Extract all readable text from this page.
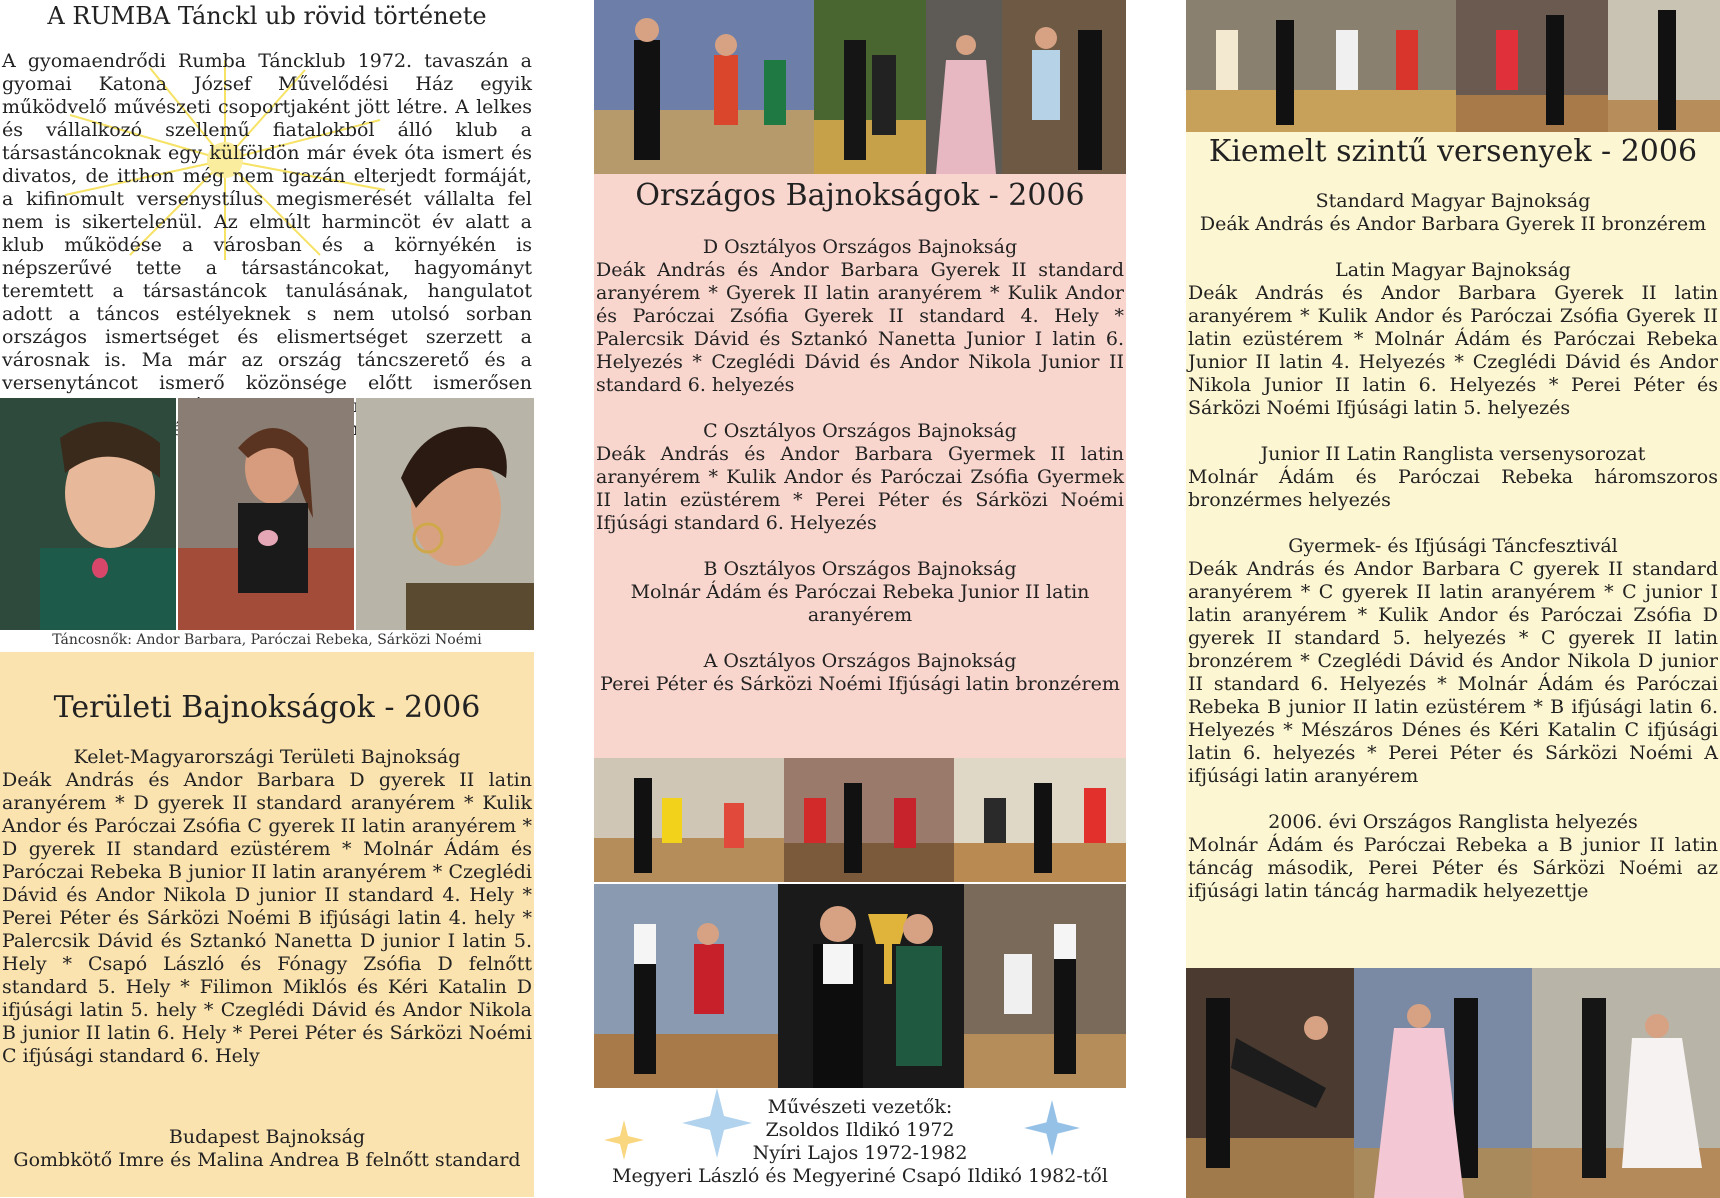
A RUMBA Tánckl ub rövid története

A gyomaendrődi Rumba Táncklub 1972. tavaszán a gyomai Katona József Művelődési Ház egyik működvelő művészeti csoportjaként jött létre. A lelkes és vállalkozó szellemű fiatalokból álló klub a társastáncoknak egy külföldön már évek óta ismert és divatos, de itthon még nem igazán elterjedt formáját, a kifinomult versenystílus megismerését vállalta fel nem is sikertelenül. Az elmúlt harmincöt év alatt a klub működése a városban és a környékén is népszerűvé tette a társastáncokat, hagyományt teremtett a társastáncok tanulásának, hangulatot adott a táncos estélyeknek s nem utolsó sorban országos ismertséget és elismertséget szerzett a városnak is. Ma már az ország táncszerető és a versenytáncot ismerő közönsége előtt ismerősen elért

Táncosnők: Andor Barbara, Paróczai Rebeka, Sárközi Noémi
Területi Bajnokságok - 2006

Kelet-Magyarországi Területi Bajnokság

Deák András és Andor Barbara D gyerek II latin aranyérem * D gyerek II standard aranyérem * Kulik Andor és Paróczai Zsófia C gyerek II latin aranyérem * D gyerek II standard ezüstérem * Molnár Ádám és Paróczai Rebeka B junior II latin aranyérem * Czeglédi Dávid és Andor Nikola D junior II standard 4. Hely * Perei Péter és Sárközi Noémi B ifjúsági latin 4. hely * Palercsik Dávid és Sztankó Nanetta D junior I latin 5. Hely * Csapó László és Fónagy Zsófia D felnőtt standard 5. Hely * Filimon Miklós és Kéri Katalin D ifjúsági latin 5. hely * Czeglédi Dávid és Andor Nikola B junior II latin 6. Hely * Perei Péter és Sárközi Noémi C ifjúsági standard 6. Hely

Budapest Bajnokság

Gombkötő Imre és Malina Andrea B felnőtt standard

Országos Bajnokságok - 2006

D Osztályos Országos Bajnokság

Deák András és Andor Barbara Gyerek II standard aranyérem * Gyerek II latin aranyérem * Kulik Andor és Paróczai Zsófia Gyerek II standard 4. Hely * Palercsik Dávid és Sztankó Nanetta Junior I latin 6. Helyezés * Czeglédi Dávid és Andor Nikola Junior II standard 6. helyezés

C Osztályos Országos Bajnokság

Deák András és Andor Barbara Gyermek II latin aranyérem * Kulik Andor és Paróczai Zsófia Gyermek II latin ezüstérem * Perei Péter és Sárközi Noémi Ifjúsági standard 6. Helyezés

B Osztályos Országos Bajnokság

Molnár Ádám és Paróczai Rebeka Junior II latin aranyérem

A Osztályos Országos Bajnokság

Perei Péter és Sárközi Noémi Ifjúsági latin bronzérem

Művészeti vezetők:
Zsoldos Ildikó 1972
Nyíri Lajos 1972-1982
Megyeri László és Megyeriné Csapó Ildikó 1982-től
Kiemelt szintű versenyek - 2006

Standard Magyar Bajnokság

Deák András és Andor Barbara Gyerek II bronzérem

Latin Magyar Bajnokság

Deák András és Andor Barbara Gyerek II latin aranyérem * Kulik Andor és Paróczai Zsófia Gyerek II latin ezüstérem * Molnár Ádám és Paróczai Rebeka Junior II latin 4. Helyezés * Czeglédi Dávid és Andor Nikola Junior II latin 6. Helyezés * Perei Péter és Sárközi Noémi Ifjúsági latin 5. helyezés

Junior II Latin Ranglista versenysorozat

Molnár Ádám és Paróczai Rebeka háromszoros bronzérmes helyezés

Gyermek- és Ifjúsági Táncfesztivál

Deák András és Andor Barbara C gyerek II standard aranyérem * C gyerek II latin aranyérem * C junior I latin aranyérem * Kulik Andor és Paróczai Zsófia D gyerek II standard 5. helyezés * C gyerek II latin bronzérem * Czeglédi Dávid és Andor Nikola D junior II standard 6. Helyezés * Molnár Ádám és Paróczai Rebeka B junior II latin ezüstérem * B ifjúsági latin 6. Helyezés * Mészáros Dénes és Kéri Katalin C ifjúsági latin 6. helyezés * Perei Péter és Sárközi Noémi A ifjúsági latin aranyérem

2006. évi Országos Ranglista helyezés

Molnár Ádám és Paróczai Rebeka a B junior II latin táncág második, Perei Péter és Sárközi Noémi az ifjúsági latin táncág harmadik helyezettje
